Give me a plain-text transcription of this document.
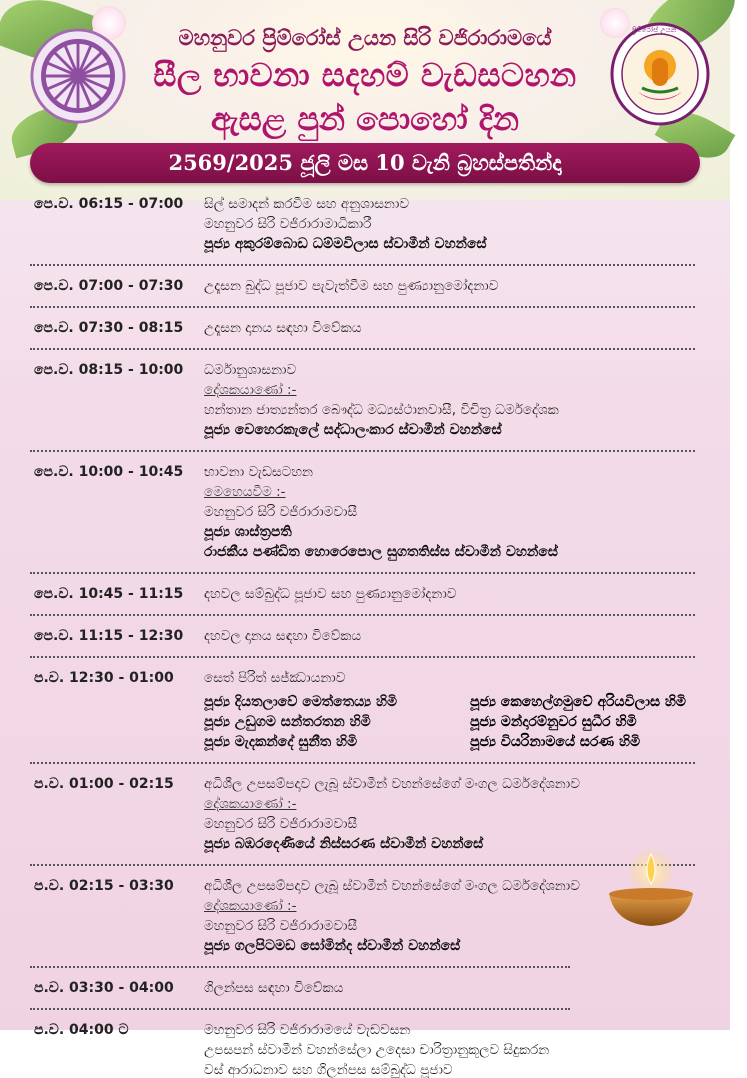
මහනුවර ප්‍රිම්රෝස් උයන සිරි වජිරාරාමයේ
සීල භාවනා සදහම් වැඩසටහන
ඇසළ පුන් පොහෝ දින
ප්‍රිම්රෝස් උයන
2569/2025 ජූලි මස 10 වැනි බ්‍රහස්පතින්දා
පෙ.ව. 06:15 - 07:00 සිල් සමාදන් කරවීම සහ අනුශාසනාව
මහනුවර සිරි වජිරාරාමාධිකාරී
පූජ්‍ය අකුරම්බොඩ ධම්මවිලාස ස්වාමීන් වහන්සේ
පෙ.ව. 07:00 - 07:30 උදෑසන බුද්ධ පූජාව පැවැත්වීම සහ පුණ්‍යානුමෝදනාව
පෙ.ව. 07:30 - 08:15 උදෑසන දානය සඳහා විවේකය
පෙ.ව. 08:15 - 10:00 ධර්මානුශාසනාව
දේශකයාණෝ :-
හන්තාන ජාත්‍යන්තර බෞද්ධ මධ්‍යස්ථානවාසී, විචිත්‍ර ධර්මදේශක
පූජ්‍ය වෙහෙරකැලේ සද්ධාලංකාර ස්වාමීන් වහන්සේ
පෙ.ව. 10:00 - 10:45 භාවනා වැඩසටහන
මෙහෙයවීම :-
මහනුවර සිරි වජිරාරාමවාසී
පූජ්‍ය ශාස්ත්‍රපති
රාජකීය පණ්ඩිත හොරෙපොල සුගතතිස්ස ස්වාමීන් වහන්සේ
පෙ.ව. 10:45 - 11:15 දහවල සම්බුද්ධ පූජාව සහ පුණ්‍යානුමෝදනාව
පෙ.ව. 11:15 - 12:30 දහවල දානය සඳහා විවේකය
ප.ව. 12:30 - 01:00 සෙත් පිරිත් සජ්ඣායනාව
පූජ්‍ය දියතලාවේ මෙත්තෙය්‍ය හිමි	පූජ්‍ය කෙහෙල්ගමුවේ අරියවිලාස හිමි
පූජ්‍ය උඩුගම සන්තරතන හිමි	පූජ්‍ය මන්දාරම්නුවර සුධීර හිමි
පූජ්‍ය මැදකන්දේ සුනීත හිමි	පූජ්‍ය වියරිනාමයේ සරණ හිමි
ප.ව. 01:00 - 02:15 අධිශීල උපසම්පදාව ලැබූ ස්වාමීන් වහන්සේගේ මංගල ධර්මදේශනාව
දේශකයාණෝ :-
මහනුවර සිරි වජිරාරාමවාසී
පූජ්‍ය බඹරදෙණියේ නිස්සරණ ස්වාමීන් වහන්සේ
ප.ව. 02:15 - 03:30 අධිශීල උපසම්පදාව ලැබූ ස්වාමීන් වහන්සේගේ මංගල ධර්මදේශනාව
දේශකයාණෝ :-
මහනුවර සිරි වජිරාරාමවාසී
පූජ්‍ය ගලපිටමඩ සෝමින්ද ස්වාමීන් වහන්සේ
ප.ව. 03:30 - 04:00 ගිලන්පස සඳහා විවේකය
ප.ව. 04:00 ට	මහනුවර සිරි වජිරාරාමයේ වැඩවසන
උපසපන් ස්වාමීන් වහන්සේලා උදෙසා චාරිත්‍රානුකූලව සිදුකරන
වස් ආරාධනාව සහ ගිලන්පස සම්බුද්ධ පූජාව
